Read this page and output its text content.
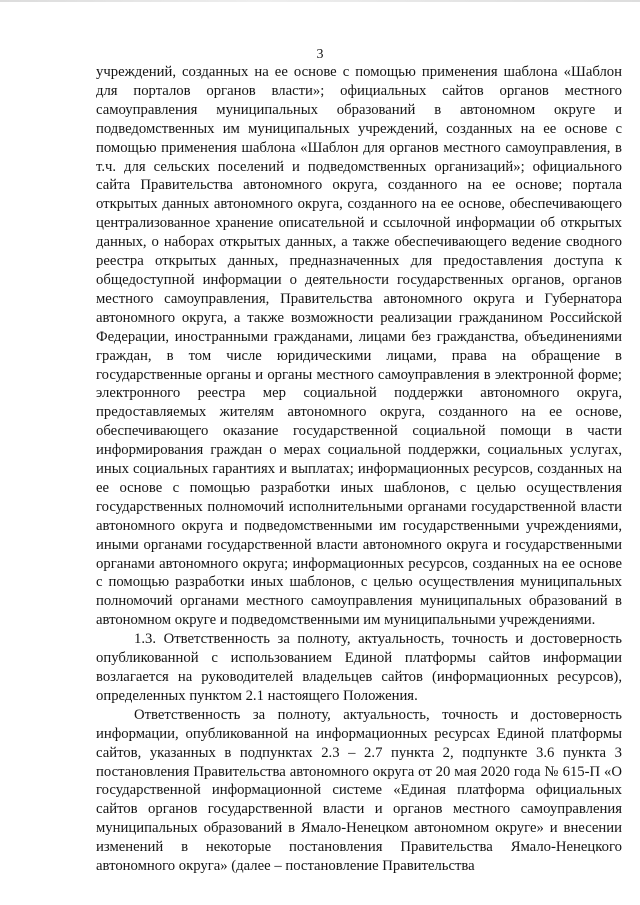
3

учреждений, созданных на ее основе с помощью применения шаблона «Шаблон для порталов органов власти»; официальных сайтов органов местного самоуправления муниципальных образований в автономном округе и подведомственных им муниципальных учреждений, созданных на ее основе с помощью применения шаблона «Шаблон для органов местного самоуправления, в т.ч. для сельских поселений и подведомственных организаций»; официального сайта Правительства автономного округа, созданного на ее основе; портала открытых данных автономного округа, созданного на ее основе, обеспечивающего централизованное хранение описательной и ссылочной информации об открытых данных, о наборах открытых данных, а также обеспечивающего ведение сводного реестра открытых данных, предназначенных для предоставления доступа к общедоступной информации о деятельности государственных органов, органов местного самоуправления, Правительства автономного округа и Губернатора автономного округа, а также возможности реализации гражданином Российской Федерации, иностранными гражданами, лицами без гражданства, объединениями граждан, в том числе юридическими лицами, права на обращение в государственные органы и органы местного самоуправления в электронной форме; электронного реестра мер социальной поддержки автономного округа, предоставляемых жителям автономного округа, созданного на ее основе, обеспечивающего оказание государственной социальной помощи в части информирования граждан о мерах социальной поддержки, социальных услугах, иных социальных гарантиях и выплатах; информационных ресурсов, созданных на ее основе с помощью разработки иных шаблонов, с целью осуществления государственных полномочий исполнительными органами государственной власти автономного округа и подведомственными им государственными учреждениями, иными органами государственной власти автономного округа и государственными органами автономного округа; информационных ресурсов, созданных на ее основе с помощью разработки иных шаблонов, с целью осуществления муниципальных полномочий органами местного самоуправления муниципальных образований в автономном округе и подведомственными им муниципальными учреждениями.

1.3. Ответственность за полноту, актуальность, точность и достоверность опубликованной с использованием Единой платформы сайтов информации возлагается на руководителей владельцев сайтов (информационных ресурсов), определенных пунктом 2.1 настоящего Положения.

Ответственность за полноту, актуальность, точность и достоверность информации, опубликованной на информационных ресурсах Единой платформы сайтов, указанных в подпунктах 2.3 – 2.7 пункта 2, подпункте 3.6 пункта 3 постановления Правительства автономного округа от 20 мая 2020 года № 615-П «О государственной информационной системе «Единая платформа официальных сайтов органов государственной власти и органов местного самоуправления муниципальных образований в Ямало-Ненецком автономном округе» и внесении изменений в некоторые постановления Правительства Ямало-Ненецкого автономного округа» (далее – постановление Правительства
